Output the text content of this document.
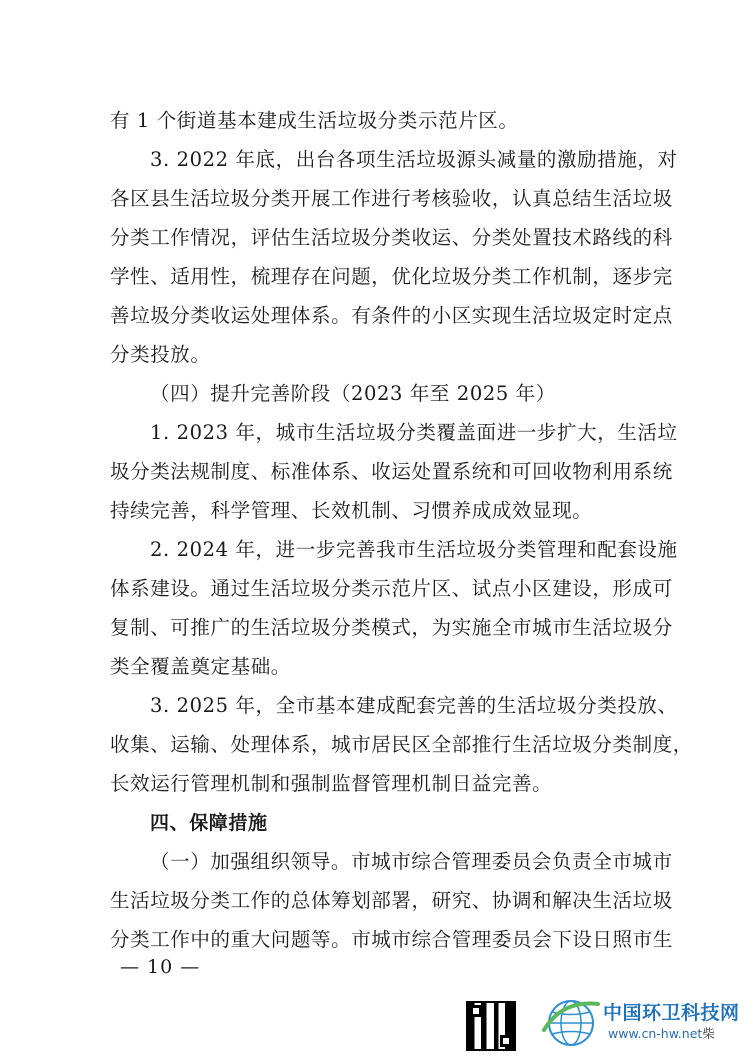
有 1 个街道基本建成生活垃圾分类示范片区。
3. 2022 年底，出台各项生活垃圾源头减量的激励措施，对
各区县生活垃圾分类开展工作进行考核验收，认真总结生活垃圾
分类工作情况，评估生活垃圾分类收运、分类处置技术路线的科
学性、适用性，梳理存在问题，优化垃圾分类工作机制，逐步完
善垃圾分类收运处理体系。有条件的小区实现生活垃圾定时定点
分类投放。
（四）提升完善阶段（2023 年至 2025 年）
1. 2023 年，城市生活垃圾分类覆盖面进一步扩大，生活垃
圾分类法规制度、标准体系、收运处置系统和可回收物利用系统
持续完善，科学管理、长效机制、习惯养成成效显现。
2. 2024 年，进一步完善我市生活垃圾分类管理和配套设施
体系建设。通过生活垃圾分类示范片区、试点小区建设，形成可
复制、可推广的生活垃圾分类模式，为实施全市城市生活垃圾分
类全覆盖奠定基础。
3. 2025 年，全市基本建成配套完善的生活垃圾分类投放、
收集、运输、处理体系，城市居民区全部推行生活垃圾分类制度，
长效运行管理机制和强制监督管理机制日益完善。
四、保障措施
（一）加强组织领导。市城市综合管理委员会负责全市城市
生活垃圾分类工作的总体筹划部署，研究、协调和解决生活垃圾
分类工作中的重大问题等。市城市综合管理委员会下设日照市生
— 10 —
中国环卫科技网
www.cn-hw.net柴
